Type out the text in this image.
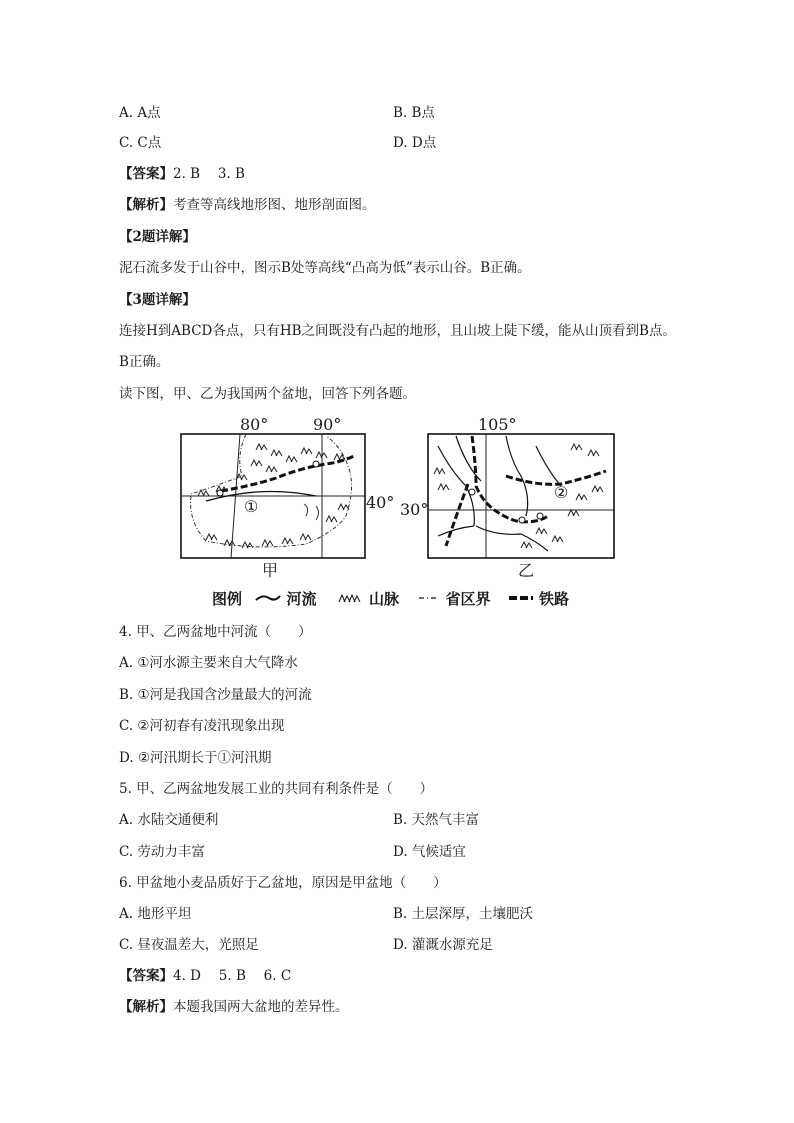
A. A点	B. B点
C. C点	D. D点
【答案】2. B　 3. B
【解析】考查等高线地形图、地形剖面图。
【2题详解】
泥石流多发于山谷中，图示B处等高线“凸高为低”表示山谷。B正确。
【3题详解】
连接H到ABCD各点，只有HB之间既没有凸起的地形，且山坡上陡下缓，能从山顶看到B点。
B正确。
读下图，甲、乙为我国两个盆地，回答下列各题。
80°	90°
40°
①
甲
105°
30°
②
乙
图例	河流	山脉	省区界	铁路
4. 甲、乙两盆地中河流（　　）
A. ①河水源主要来自大气降水
B. ①河是我国含沙量最大的河流
C. ②河初春有凌汛现象出现
D. ②河汛期长于①河汛期
5. 甲、乙两盆地发展工业的共同有利条件是（　　）
A. 水陆交通便利	B. 天然气丰富
C. 劳动力丰富	D. 气候适宜
6. 甲盆地小麦品质好于乙盆地，原因是甲盆地（　　）
A. 地形平坦	B. 土层深厚，土壤肥沃
C. 昼夜温差大，光照足	D. 灌溉水源充足
【答案】4. D　 5. B　 6. C
【解析】本题我国两大盆地的差异性。
